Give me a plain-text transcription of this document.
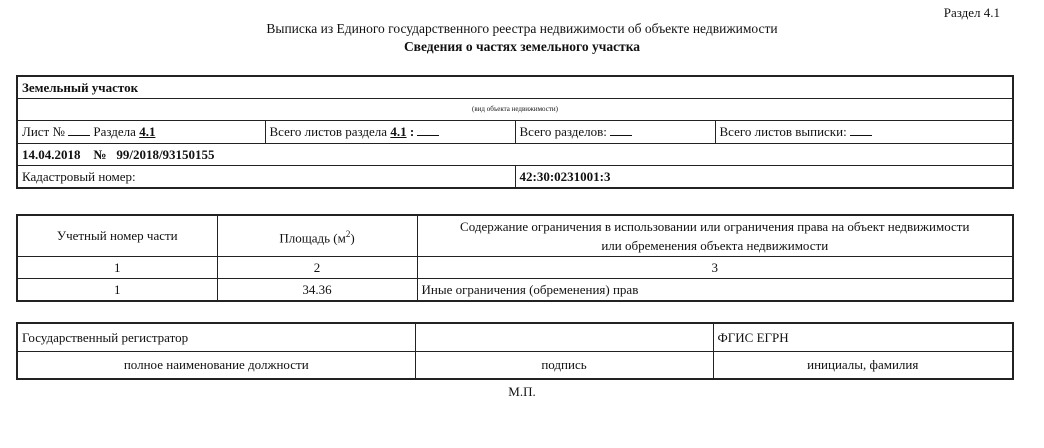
Раздел 4.1
Выписка из Единого государственного реестра недвижимости об объекте недвижимости
Сведения о частях земельного участка
Земельный участок			
(вид объекта недвижимости)			
Лист №  Раздела 4.1	Всего листов раздела 4.1 :	Всего разделов:	Всего листов выписки:
14.04.2018 № 99/2018/93150155			
Кадастровый номер:		42:30:0231001:3	
Учетный номер части	Площадь $(м^2)$	Содержание ограничения в использовании или ограничения права на объект недвижимости
или обременения объекта недвижимости
1	2	3
1	34.36	Иные ограничения (обременения) прав
Государственный регистратор		ФГИС ЕГРН
полное наименование должности	подпись	инициалы, фамилия
М.П.
